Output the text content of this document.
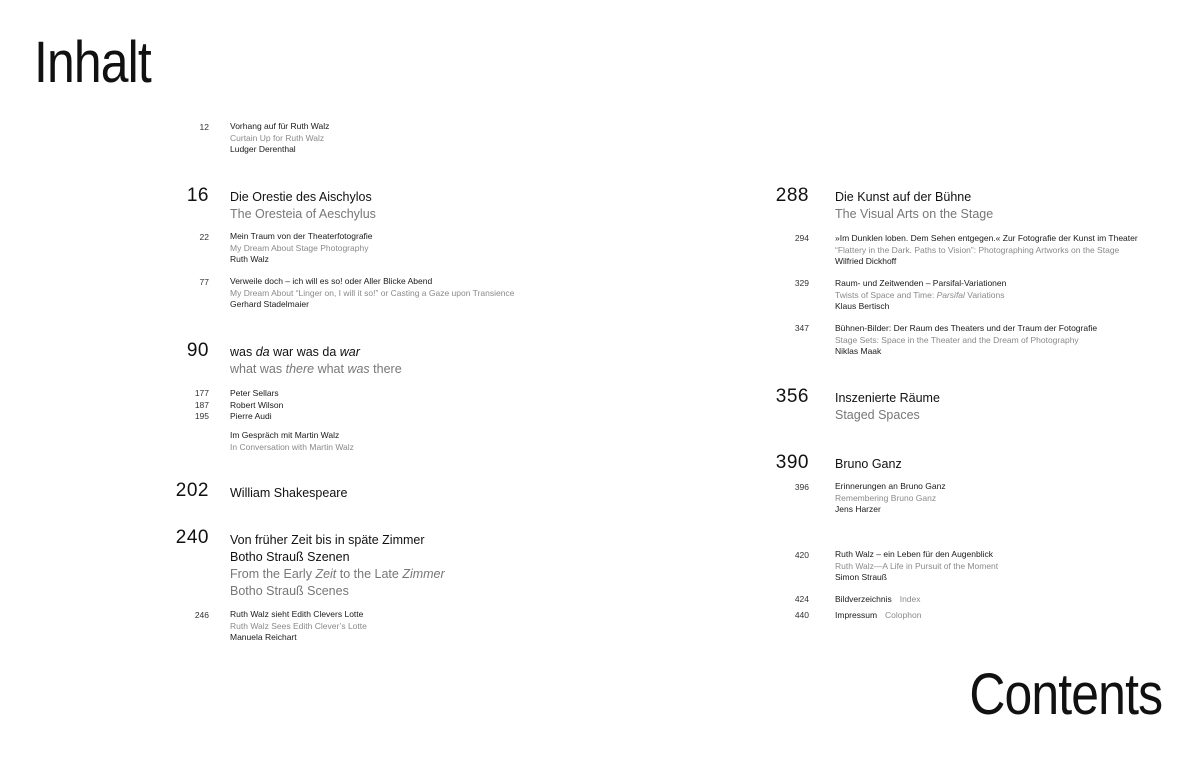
Inhalt
Contents
12 Vorhang auf für Ruth Walz
Curtain Up for Ruth Walz
Ludger Derenthal
16 Die Orestie des Aischylos
The Oresteia of Aeschylus
22 Mein Traum von der Theaterfotografie
My Dream About Stage Photography
Ruth Walz
77 Verweile doch – ich will es so! oder Aller Blicke Abend
My Dream About “Linger on, I will it so!” or Casting a Gaze upon Transience
Gerhard Stadelmaier
90 was da war was da war
what was there what was there
177 Peter Sellars
187 Robert Wilson
195 Pierre Audi
Im Gespräch mit Martin Walz
In Conversation with Martin Walz
202 William Shakespeare
240 Von früher Zeit bis in späte Zimmer
Botho Strauß Szenen
From the Early Zeit to the Late Zimmer
Botho Strauß Scenes
246 Ruth Walz sieht Edith Clevers Lotte
Ruth Walz Sees Edith Clever’s Lotte
Manuela Reichart
288 Die Kunst auf der Bühne
The Visual Arts on the Stage
294	»Im Dunklen loben. Dem Sehen entgegen.« Zur Fotografie der Kunst im Theater
“Flattery in the Dark. Paths to Vision”: Photographing Artworks on the Stage
Wilfried Dickhoff
329	Raum- und Zeitwenden – Parsifal-Variationen
Twists of Space and Time: Parsifal Variations
Klaus Bertisch
347	Bühnen-Bilder: Der Raum des Theaters und der Traum der Fotografie
Stage Sets: Space in the Theater and the Dream of Photography
Niklas Maak
356 Inszenierte Räume
Staged Spaces
390 Bruno Ganz
396	Erinnerungen an Bruno Ganz
Remembering Bruno Ganz
Jens Harzer
420	Ruth Walz – ein Leben für den Augenblick
Ruth Walz—A Life in Pursuit of the Moment
Simon Strauß
424	Bildverzeichnis Index
440	Impressum Colophon
